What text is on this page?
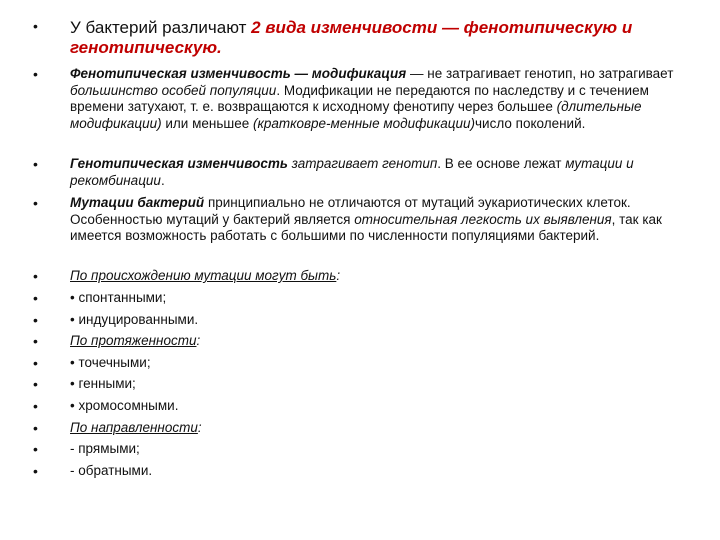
• У бактерий различают 2 вида изменчивости — фенотипическую и генотипическую.
• Фенотипическая изменчивость — модификация — не затрагивает генотип, но затрагивает большинство особей популяции. Модификации не передаются по наследству и с течением времени затухают, т. е. возвращаются к исходному фенотипу через большее (длительные модификации) или меньшее (кратковре-менные модификации)число поколений.
• Генотипическая изменчивость затрагивает генотип. В ее основе лежат мутации и рекомбинации.
• Мутации бактерий принципиально не отличаются от мутаций эукариотических клеток. Особенностью мутаций у бактерий является относительная легкость их выявления, так как имеется возможность работать с большими по численности популяциями бактерий.
• По происхождению мутации могут быть:
• • спонтанными;
• • индуцированными.
• По протяженности:
• • точечными;
• • генными;
• • хромосомными.
• По направленности:
• - прямыми;
• - обратными.
